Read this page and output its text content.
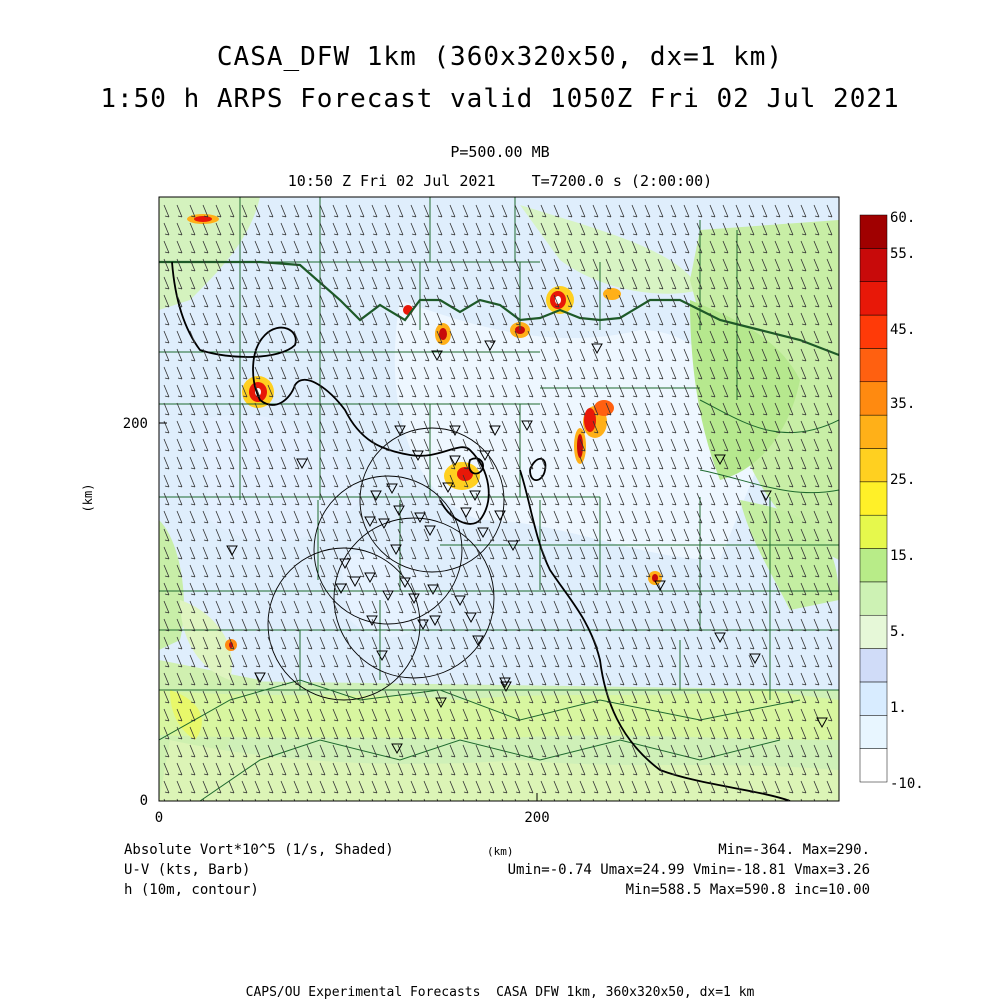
CASA_DFW 1km (360x320x50, dx=1 km)
1:50 h ARPS Forecast valid 1050Z Fri 02 Jul 2021
P=500.00 MB
10:50 Z Fri 02 Jul 2021    T=7200.0 s (2:00:00)
(km)
200
0
0	200
60.
55.
45.
35.
25.
15.
5.
1.
-10.
Absolute Vort*10^5 (1/s, Shaded)
U-V (kts, Barb)
h (10m, contour)
(km)	Min=-364. Max=290.
Umin=-0.74 Umax=24.99 Vmin=-18.81 Vmax=3.26
Min=588.5 Max=590.8 inc=10.00
CAPS/OU Experimental Forecasts  CASA DFW 1km, 360x320x50, dx=1 km
